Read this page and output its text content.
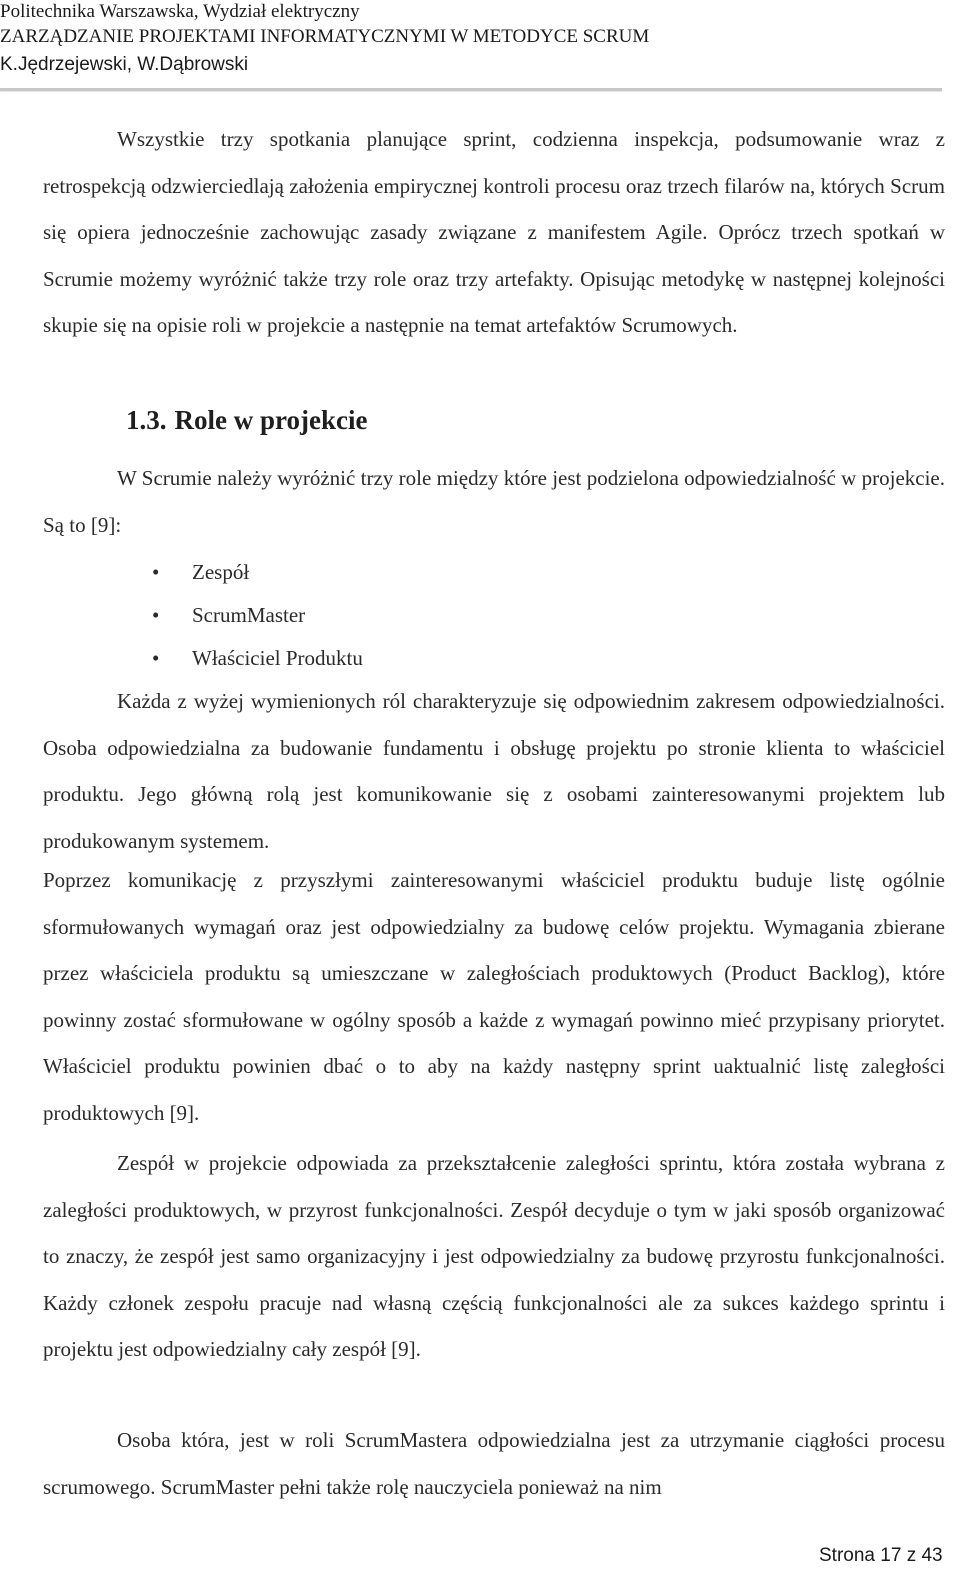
Politechnika Warszawska, Wydział elektryczny
ZARZĄDZANIE PROJEKTAMI INFORMATYCZNYMI W METODYCE SCRUM
K.Jędrzejewski, W.Dąbrowski

Wszystkie trzy spotkania planujące sprint, codzienna inspekcja, podsumowanie wraz z retrospekcją odzwierciedlają założenia empirycznej kontroli procesu oraz trzech filarów na, których Scrum się opiera jednocześnie zachowując zasady związane z manifestem Agile. Oprócz trzech spotkań w Scrumie możemy wyróżnić także trzy role oraz trzy artefakty. Opisując metodykę w następnej kolejności skupie się na opisie roli w projekcie a następnie na temat artefaktów Scrumowych.

1.3. Role w projekcie

W Scrumie należy wyróżnić trzy role między które jest podzielona odpowiedzialność w projekcie. Są to [9]:

• Zespół
• ScrumMaster
• Właściciel Produktu

Każda z wyżej wymienionych ról charakteryzuje się odpowiednim zakresem odpowiedzialności. Osoba odpowiedzialna za budowanie fundamentu i obsługę projektu po stronie klienta to właściciel produktu. Jego główną rolą jest komunikowanie się z osobami zainteresowanymi projektem lub produkowanym systemem.

Poprzez komunikację z przyszłymi zainteresowanymi właściciel produktu buduje listę ogólnie sformułowanych wymagań oraz jest odpowiedzialny za budowę celów projektu. Wymagania zbierane przez właściciela produktu są umieszczane w zaległościach produktowych (Product Backlog), które powinny zostać sformułowane w ogólny sposób a każde z wymagań powinno mieć przypisany priorytet. Właściciel produktu powinien dbać o to aby na każdy następny sprint uaktualnić listę zaległości produktowych [9].

Zespół w projekcie odpowiada za przekształcenie zaległości sprintu, która została wybrana z zaległości produktowych, w przyrost funkcjonalności. Zespół decyduje o tym w jaki sposób organizować to znaczy, że zespół jest samo organizacyjny i jest odpowiedzialny za budowę przyrostu funkcjonalności. Każdy członek zespołu pracuje nad własną częścią funkcjonalności ale za sukces każdego sprintu i projektu jest odpowiedzialny cały zespół [9].

Osoba która, jest w roli ScrumMastera odpowiedzialna jest za utrzymanie ciągłości procesu scrumowego. ScrumMaster pełni także rolę nauczyciela ponieważ na nim

Strona 17 z 43
